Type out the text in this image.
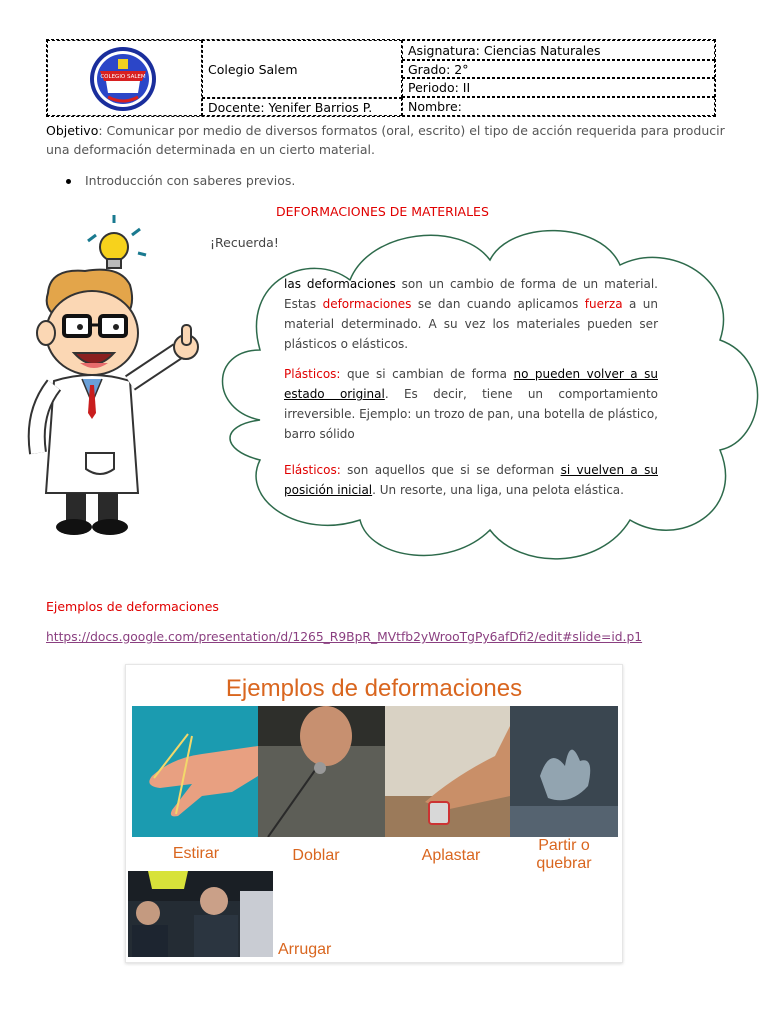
COLEGIO SALEM	Colegio Salem
Docente: Yenifer Barrios P.
Asignatura: Ciencias Naturales
Grado: 2°
Periodo: II
Nombre:
Objetivo: Comunicar por medio de diversos formatos (oral, escrito) el tipo de acción requerida para producir una deformación determinada en un cierto material.
Introducción con saberes previos.
DEFORMACIONES DE MATERIALES
¡Recuerda!

las deformaciones son un cambio de forma de un material. Estas deformaciones se dan cuando aplicamos fuerza a un material determinado. A su vez los materiales pueden ser plásticos o elásticos.

Plásticos: que si cambian de forma no pueden volver a su estado original. Es decir, tiene un comportamiento irreversible. Ejemplo: un trozo de pan, una botella de plástico, barro sólido

Elásticos: son aquellos que si se deforman si vuelven a su posición inicial. Un resorte, una liga, una pelota elástica.

Ejemplos de deformaciones
https://docs.google.com/presentation/d/1265_R9BpR_MVtfb2yWrooTgPy6afDfi2/edit#slide=id.p1
Ejemplos de deformaciones
Estirar	Doblar	Aplastar
Partir o
quebrar
Arrugar
